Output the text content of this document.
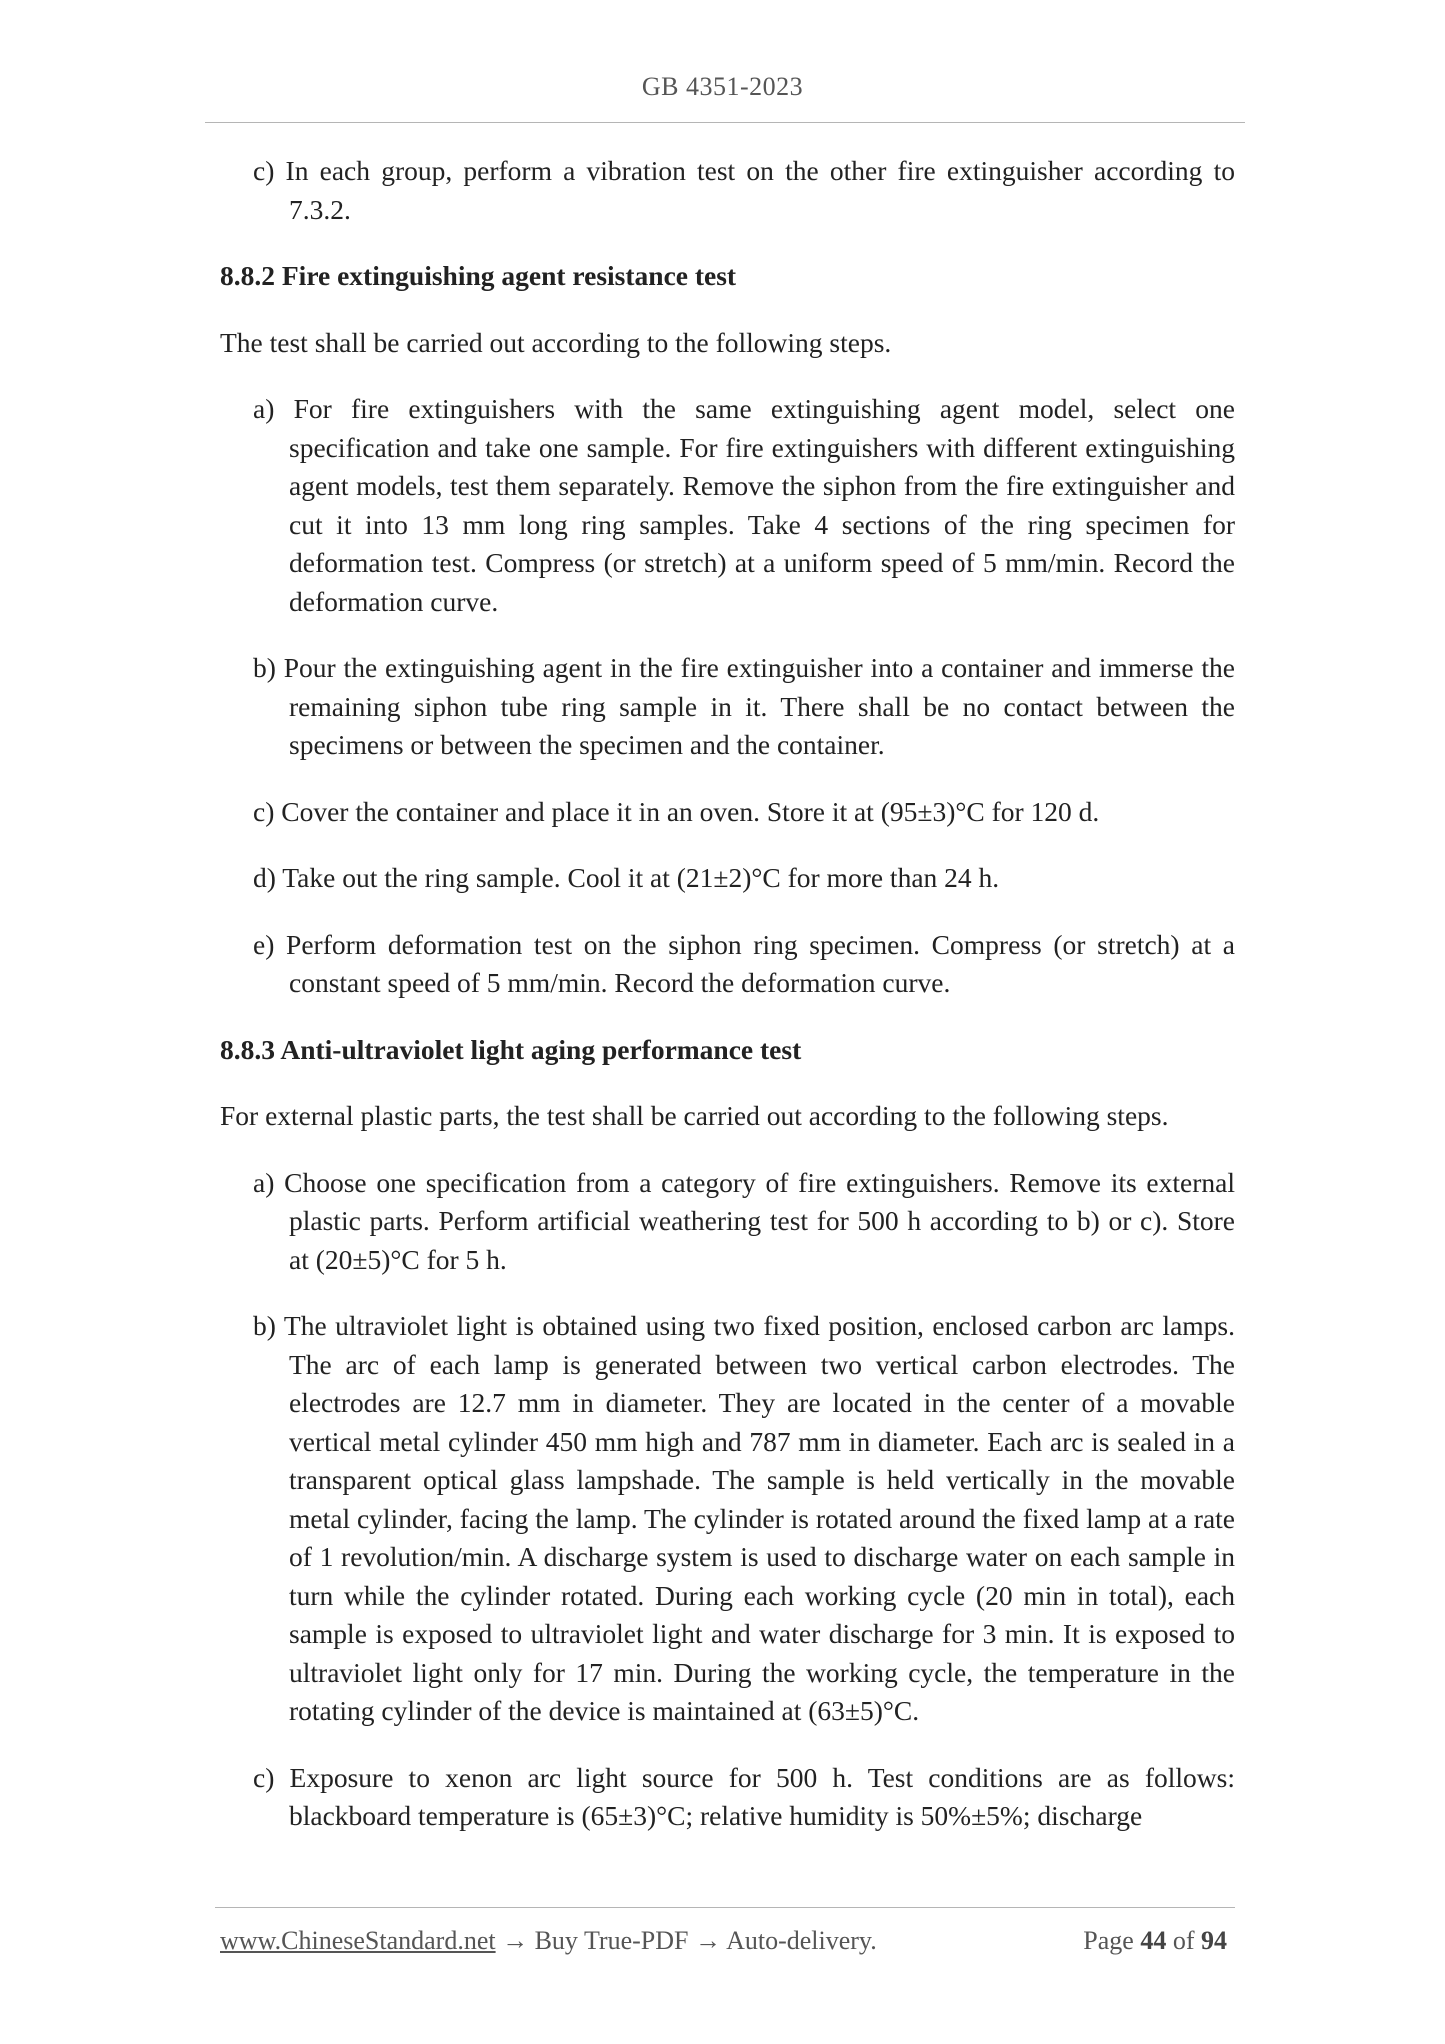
GB 4351-2023

c) In each group, perform a vibration test on the other fire extinguisher according to 7.3.2.

8.8.2 Fire extinguishing agent resistance test

The test shall be carried out according to the following steps.

a) For fire extinguishers with the same extinguishing agent model, select one specification and take one sample. For fire extinguishers with different extinguishing agent models, test them separately. Remove the siphon from the fire extinguisher and cut it into 13 mm long ring samples. Take 4 sections of the ring specimen for deformation test. Compress (or stretch) at a uniform speed of 5 mm/min. Record the deformation curve.

b) Pour the extinguishing agent in the fire extinguisher into a container and immerse the remaining siphon tube ring sample in it. There shall be no contact between the specimens or between the specimen and the container.

c) Cover the container and place it in an oven. Store it at (95±3)°C for 120 d.

d) Take out the ring sample. Cool it at (21±2)°C for more than 24 h.

e) Perform deformation test on the siphon ring specimen. Compress (or stretch) at a constant speed of 5 mm/min. Record the deformation curve.

8.8.3 Anti-ultraviolet light aging performance test

For external plastic parts, the test shall be carried out according to the following steps.

a) Choose one specification from a category of fire extinguishers. Remove its external plastic parts. Perform artificial weathering test for 500 h according to b) or c). Store at (20±5)°C for 5 h.

b) The ultraviolet light is obtained using two fixed position, enclosed carbon arc lamps. The arc of each lamp is generated between two vertical carbon electrodes. The electrodes are 12.7 mm in diameter. They are located in the center of a movable vertical metal cylinder 450 mm high and 787 mm in diameter. Each arc is sealed in a transparent optical glass lampshade. The sample is held vertically in the movable metal cylinder, facing the lamp. The cylinder is rotated around the fixed lamp at a rate of 1 revolution/min. A discharge system is used to discharge water on each sample in turn while the cylinder rotated. During each working cycle (20 min in total), each sample is exposed to ultraviolet light and water discharge for 3 min. It is exposed to ultraviolet light only for 17 min. During the working cycle, the temperature in the rotating cylinder of the device is maintained at (63±5)°C.

c) Exposure to xenon arc light source for 500 h. Test conditions are as follows: blackboard temperature is (65±3)°C; relative humidity is 50%±5%; discharge

www.ChineseStandard.net → Buy True-PDF → Auto-delivery.	Page 44 of 94
